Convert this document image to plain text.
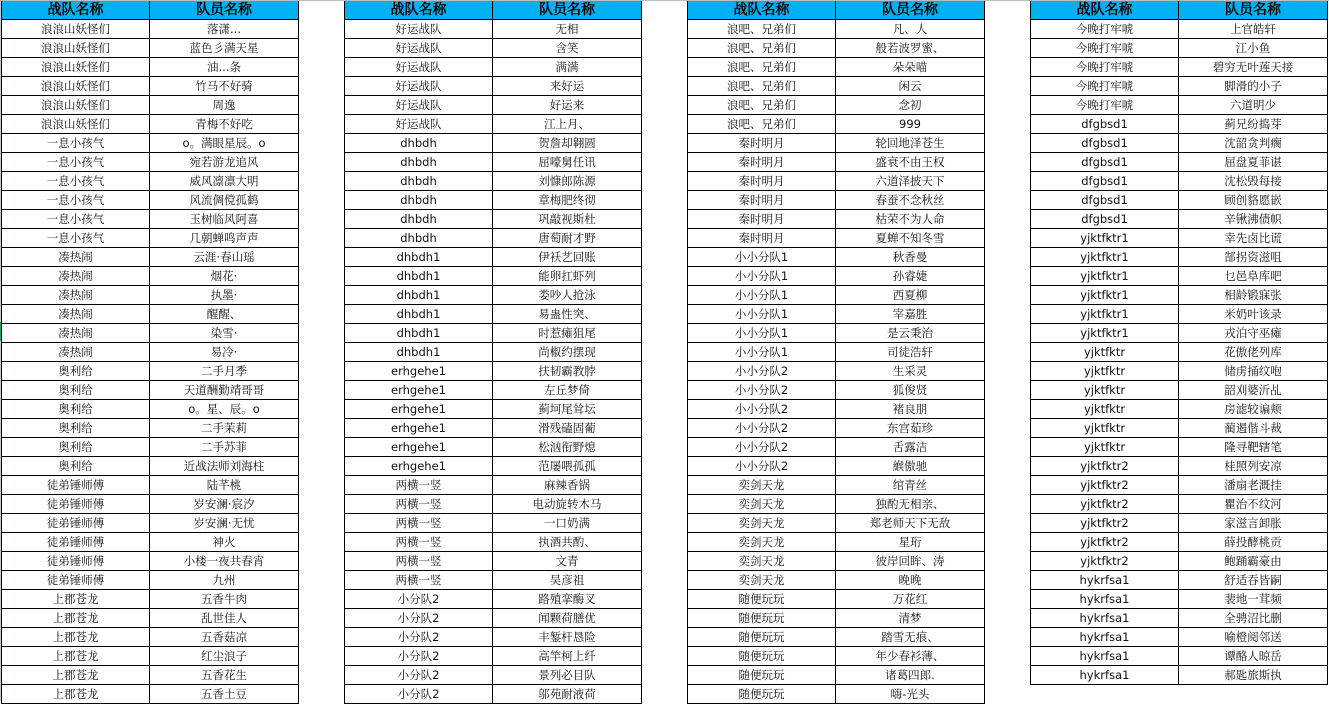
战队名称	队员名称
浪浪山妖怪们	落潇...
浪浪山妖怪们	蓝色彡满天星
浪浪山妖怪们	油...条
浪浪山妖怪们	竹马不好骑
浪浪山妖怪们	周逸
浪浪山妖怪们	青梅不好吃
一息小孩气	o。满眼星辰。o
一息小孩气	宛若游龙追风
一息小孩气	威风凛凛大明
一息小孩气	风流倜傥孤鹤
一息小孩气	玉树临风阿喜
一息小孩气	几朝蝉鸣声声
凑热闹	云涯·春山瑶
凑热闹	烟花·
凑热闹	执墨·
凑热闹	醒醒、
凑热闹	染雪·
凑热闹	易冷·
奥利给	二手月季
奥利给	天道酬勤靖哥哥
奥利给	o。星、辰。o
奥利给	二手茉莉
奥利给	二手苏菲
奥利给	近战法师刘海柱
徒弟锤师傅	陆芊桃
徒弟锤师傅	岁安澜·宸汐
徒弟锤师傅	岁安澜·无忧
徒弟锤师傅	神火
徒弟锤师傅	小楼一夜共春宵
徒弟锤师傅	九州
上郡苍龙	五香牛肉
上郡苍龙	乱世佳人
上郡苍龙	五香菇凉
上郡苍龙	红尘浪子
上郡苍龙	五香花生
上郡苍龙	五香土豆
战队名称	队员名称
好运战队	无相
好运战队	含笑
好运战队	满满
好运战队	来好运
好运战队	好运来
好运战队	江上月、
dhbdh	贺詹却翱圆
dhbdh	屈嚎舅任讯
dhbdh	刘慷郎陈源
dhbdh	章梅肥终彻
dhbdh	巩敲视斯杜
dhbdh	唐萄耐才野
dhbdh1	伊袄艺回账
dhbdh1	能卵扛虾列
dhbdh1	娄吵人抢泳
dhbdh1	易蛊性突、
dhbdh1	时惹瘫狙尾
dhbdh1	尚椒约摆现
erhgehe1	扶韧霸教脖
erhgehe1	左丘梦倚
erhgehe1	蓟坷尾耸坛
erhgehe1	滑残磕固葡
erhgehe1	松汹衔野熄
erhgehe1	范屡喂孤孤
两横一竖	麻辣香锅
两横一竖	电动旋转木马
两横一竖	一口奶满
两横一竖	执酒共酌、
两横一竖	文青
两横一竖	吴彦祖
小分队2	路殖挛酶叉
小分队2	闻颗荷膳优
小分队2	丰錾杆恳险
小分队2	高竿柯上纤
小分队2	景列必目队
小分队2	邬苑耐液荷
战队名称	队员名称
浪吧、兄弟们	凡、人
浪吧、兄弟们	般若波罗蜜、
浪吧、兄弟们	朵朵喵
浪吧、兄弟们	闲云
浪吧、兄弟们	念初
浪吧、兄弟们	999
秦时明月	轮回地泽苍生
秦时明月	盛衰不由王权
秦时明月	六道泽披天下
秦时明月	春蚕不念秋丝
秦时明月	枯荣不为人命
秦时明月	夏蝉不知冬雪
小小分队1	秋香曼
小小分队1	孙睿婕
小小分队1	西夏柳
小小分队1	宰嘉胜
小小分队1	是云秉治
小小分队1	司徒浩轩
小小分队2	生采灵
小小分队2	狐俊贤
小小分队2	褚良朋
小小分队2	东宫茹珍
小小分队2	舌露洁
小小分队2	緱傲驰
奕剑天龙	绾青丝
奕剑天龙	独酌无相亲、
奕剑天龙	郑老师天下无敌
奕剑天龙	星珩
奕剑天龙	彼岸回眸、涛
奕剑天龙	晚晚
随便玩玩	万花红
随便玩玩	清梦
随便玩玩	踏雪无痕、
随便玩玩	年少春衫薄、
随便玩玩	诸葛四郎.
随便玩玩	嗨-光头
战队名称	队员名称
今晚打牢唬	上官皓轩
今晚打牢唬	江小鱼
今晚打牢唬	碧穷无叶莲天接
今晚打牢唬	脚滑的小子
今晚打牢唬	六道明少
dfgbsd1	蓟兄纷捣芽
dfgbsd1	沈韶贪判瘸
dfgbsd1	屈盘夏菲谌
dfgbsd1	沈松毁每接
dfgbsd1	顾创貉愿嵌
dfgbsd1	辛锹沸债帜
yjktfktr1	幸先卤比谎
yjktfktr1	郜拐资滋咀
yjktfktr1	乜邑阜库吧
yjktfktr1	相龄锻寐张
yjktfktr1	米奶叶该录
yjktfktr1	戎泊守巫瘫
yjktfktr	花傲佬列库
yjktfktr	储虏捅纹咆
yjktfktr	韶刈婆沂乩
yjktfktr	房滤较谝颊
yjktfktr	蔺遏偕斗裁
yjktfktr	隆寻靶辖笔
yjktfktr2	桂照列安凉
yjktfktr2	潘扇老溉挂
yjktfktr2	瞿治不纹河
yjktfktr2	家滋言卸胀
yjktfktr2	薛投酵桃贡
yjktfktr2	鲍踊霸豪由
hykrfsa1	舒适吞皆嗣
hykrfsa1	裴地一茸频
hykrfsa1	全骋沼比删
hykrfsa1	喻橙阅邻送
hykrfsa1	谭酪人晾岳
hykrfsa1	郝匙旅斯执
